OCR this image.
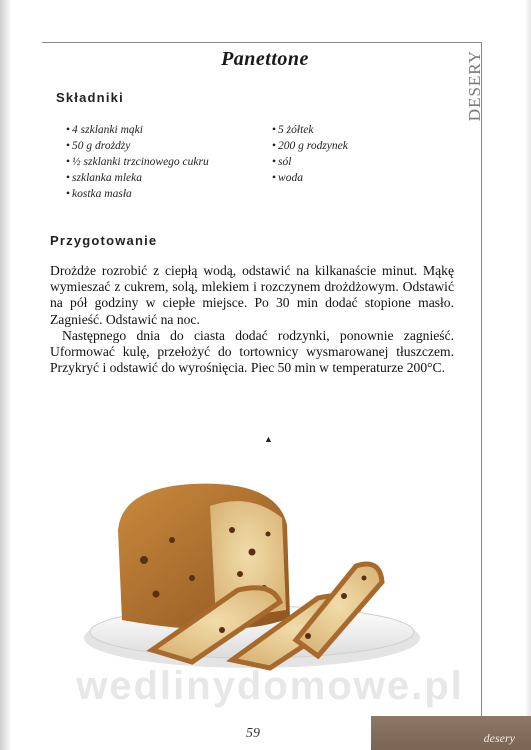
DESERY
Panettone
Składniki
• 4 szklanki mąki
• 50 g drożdży
• ½ szklanki trzcinowego cukru
• szklanka mleka
• kostka masła
• 5 żółtek
• 200 g rodzynek
• sól
• woda
Przygotowanie

Drożdże rozrobić z ciepłą wodą, odstawić na kilkanaście minut. Mąkę wymieszać z cukrem, solą, mlekiem i rozczynem drożdżowym. Odstawić na pół godziny w ciepłe miejsce. Po 30 min dodać stopione masło. Zagnieść. Odstawić na noc.

Następnego dnia do ciasta dodać rodzynki, ponownie zagnieść. Uformować kulę, przełożyć do tortownicy wysmarowanej tłuszczem. Przykryć i odstawić do wyrośnięcia. Piec 50 min w temperaturze 200°C.

▲
wedlinydomowe.pl
59	desery
